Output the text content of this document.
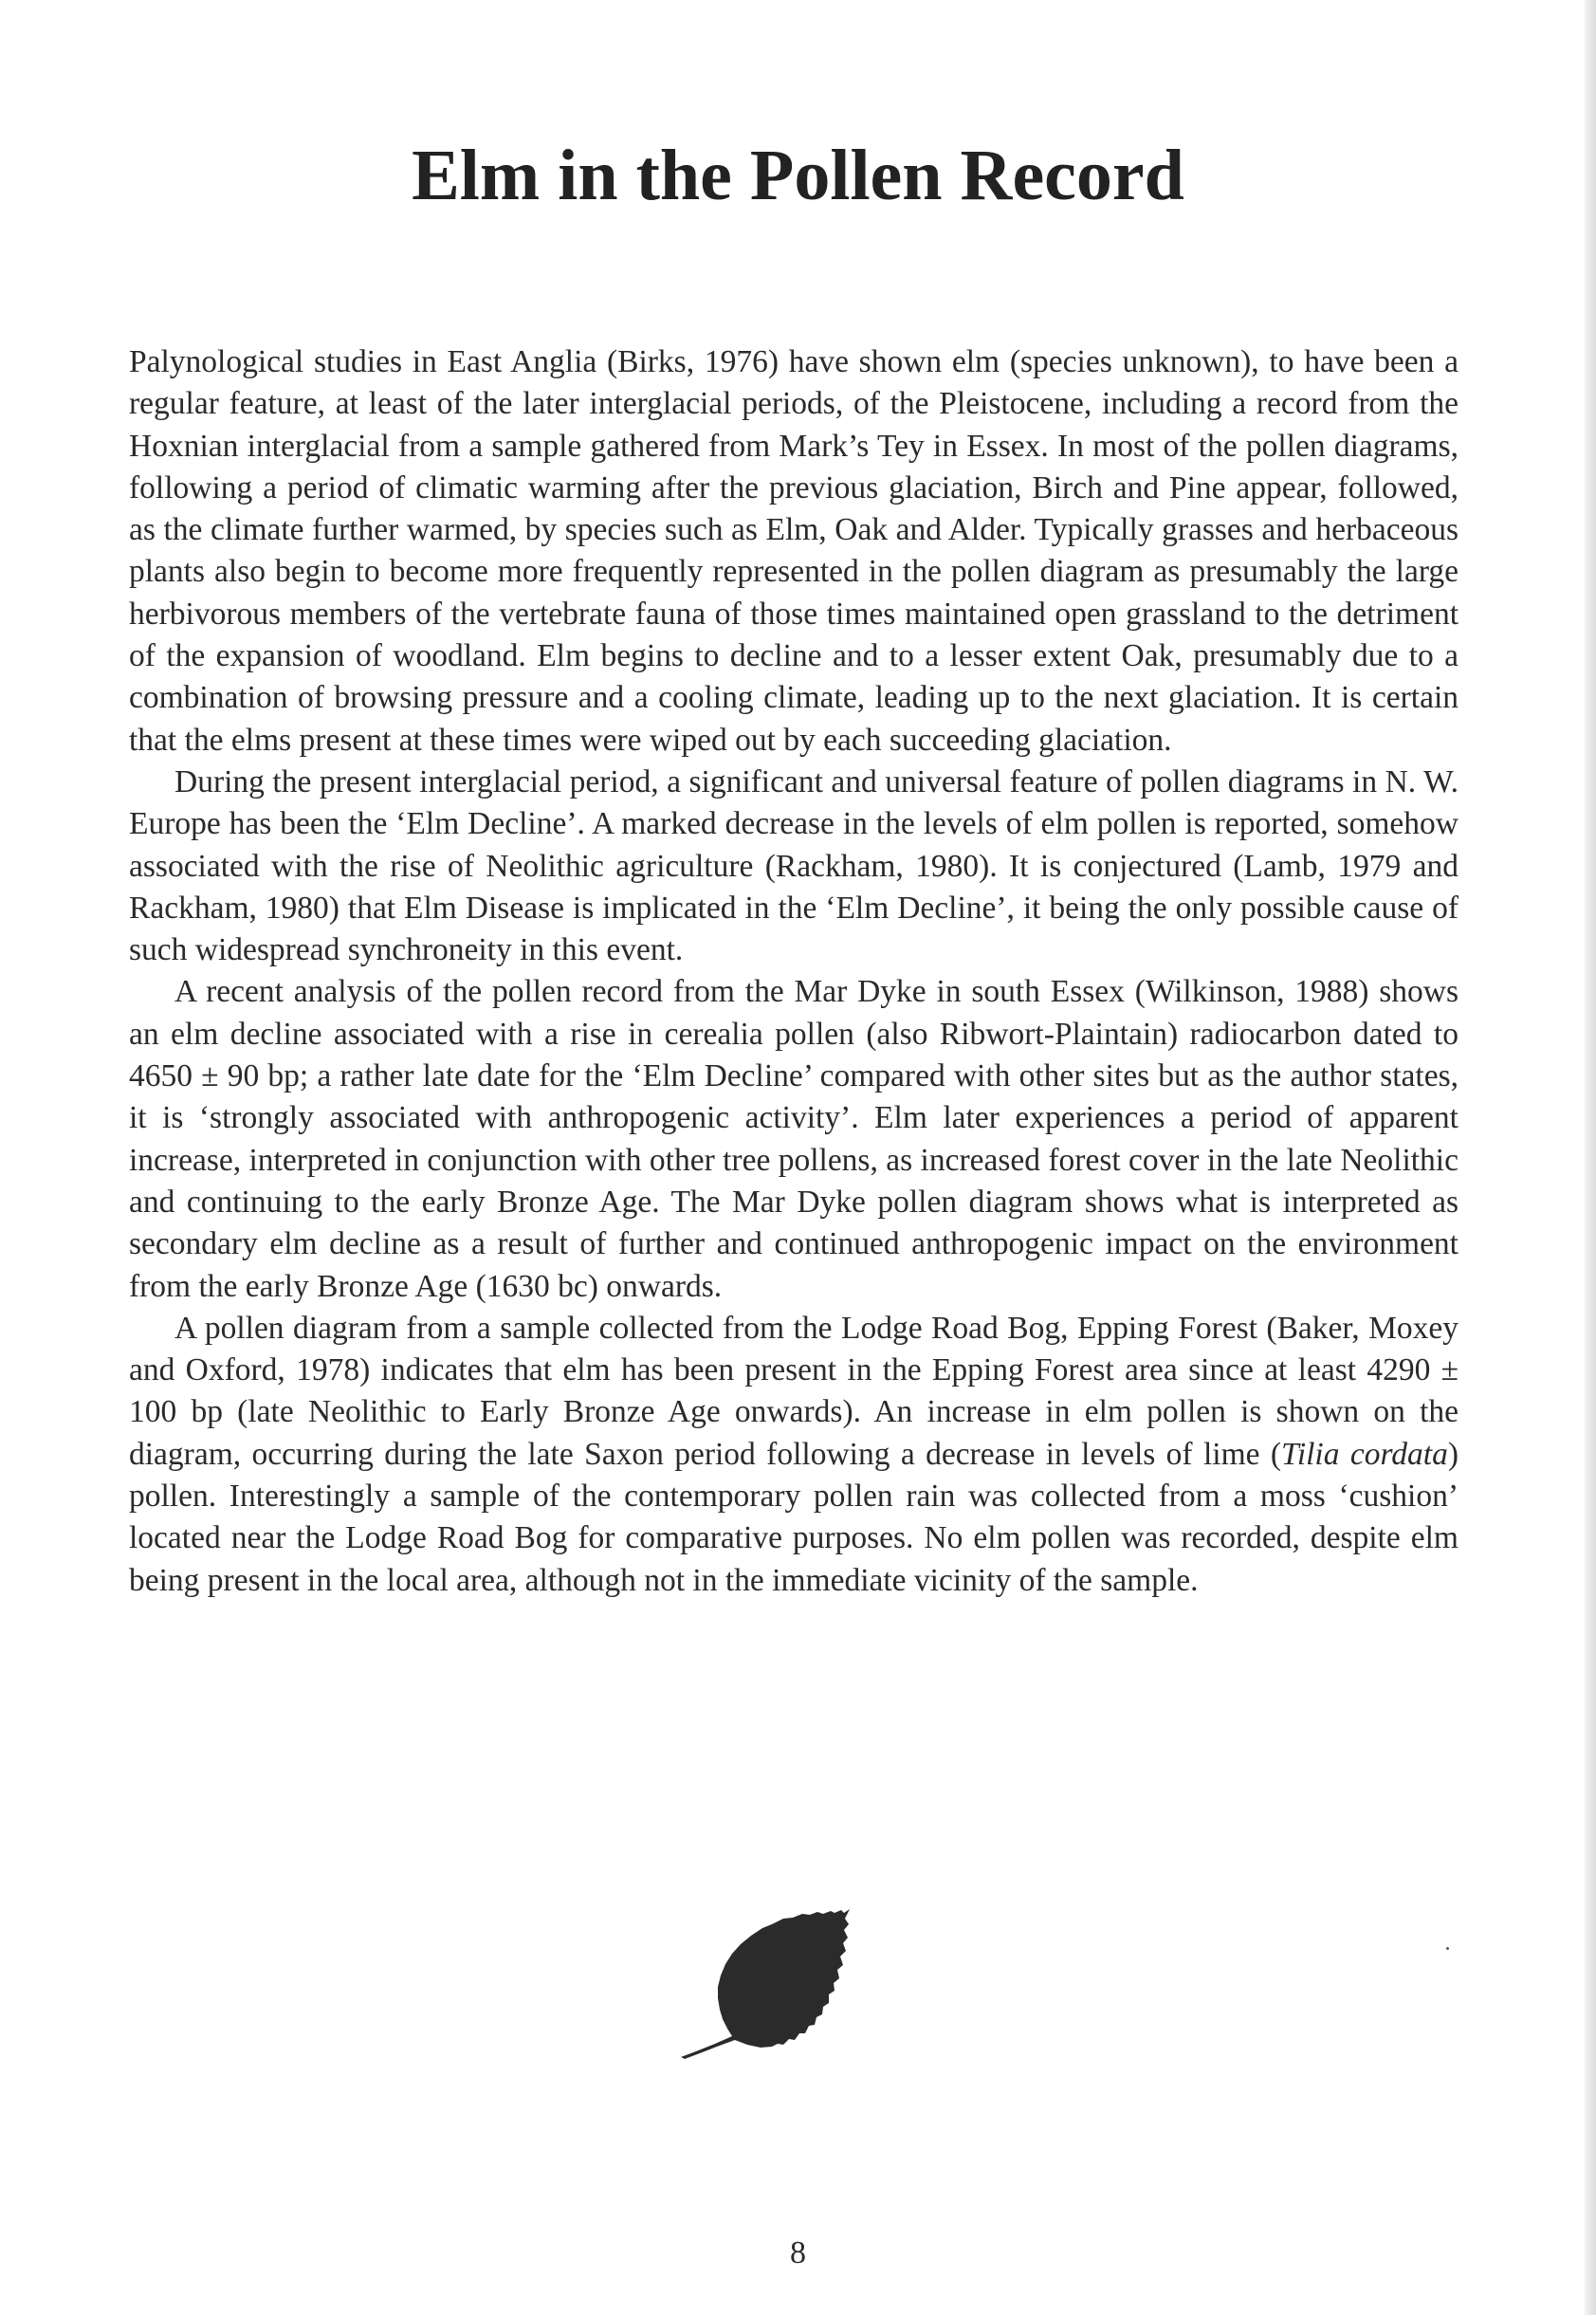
Elm in the Pollen Record

Palynological studies in East Anglia (Birks, 1976) have shown elm (species unknown), to have been a regular feature, at least of the later interglacial periods, of the Pleistocene, including a record from the Hoxnian interglacial from a sample gathered from Mark’s Tey in Essex. In most of the pollen diagrams, following a period of climatic warming after the previous glaciation, Birch and Pine appear, followed, as the climate further warmed, by species such as Elm, Oak and Alder. Typically grasses and herbaceous plants also begin to become more frequently represented in the pollen diagram as presumably the large herbivorous members of the vertebrate fauna of those times maintained open grassland to the detriment of the expansion of woodland. Elm begins to decline and to a lesser extent Oak, presumably due to a combination of browsing pressure and a cooling climate, leading up to the next glaciation. It is certain that the elms present at these times were wiped out by each succeeding glaciation.

During the present interglacial period, a significant and universal feature of pollen diagrams in N. W. Europe has been the ‘Elm Decline’. A marked decrease in the levels of elm pollen is reported, somehow associated with the rise of Neolithic agriculture (Rackham, 1980). It is conjectured (Lamb, 1979 and Rackham, 1980) that Elm Disease is implicated in the ‘Elm Decline’, it being the only possible cause of such widespread synchroneity in this event.

A recent analysis of the pollen record from the Mar Dyke in south Essex (Wilkinson, 1988) shows an elm decline associated with a rise in cerealia pollen (also Ribwort-Plaintain) radiocarbon dated to 4650 ± 90 bp; a rather late date for the ‘Elm Decline’ compared with other sites but as the author states, it is ‘strongly associated with anthropogenic activity’. Elm later experiences a period of apparent increase, interpreted in conjunction with other tree pollens, as increased forest cover in the late Neolithic and continuing to the early Bronze Age. The Mar Dyke pollen diagram shows what is interpreted as secondary elm decline as a result of further and continued anthropogenic impact on the environment from the early Bronze Age (1630 bc) onwards.

A pollen diagram from a sample collected from the Lodge Road Bog, Epping Forest (Baker, Moxey and Oxford, 1978) indicates that elm has been present in the Epping Forest area since at least 4290 ± 100 bp (late Neolithic to Early Bronze Age onwards). An increase in elm pollen is shown on the diagram, occurring during the late Saxon period following a decrease in levels of lime (Tilia cordata) pollen. Interestingly a sample of the contemporary pollen rain was collected from a moss ‘cushion’ located near the Lodge Road Bog for comparative purposes. No elm pollen was recorded, despite elm being present in the local area, although not in the immediate vicinity of the sample.

8
